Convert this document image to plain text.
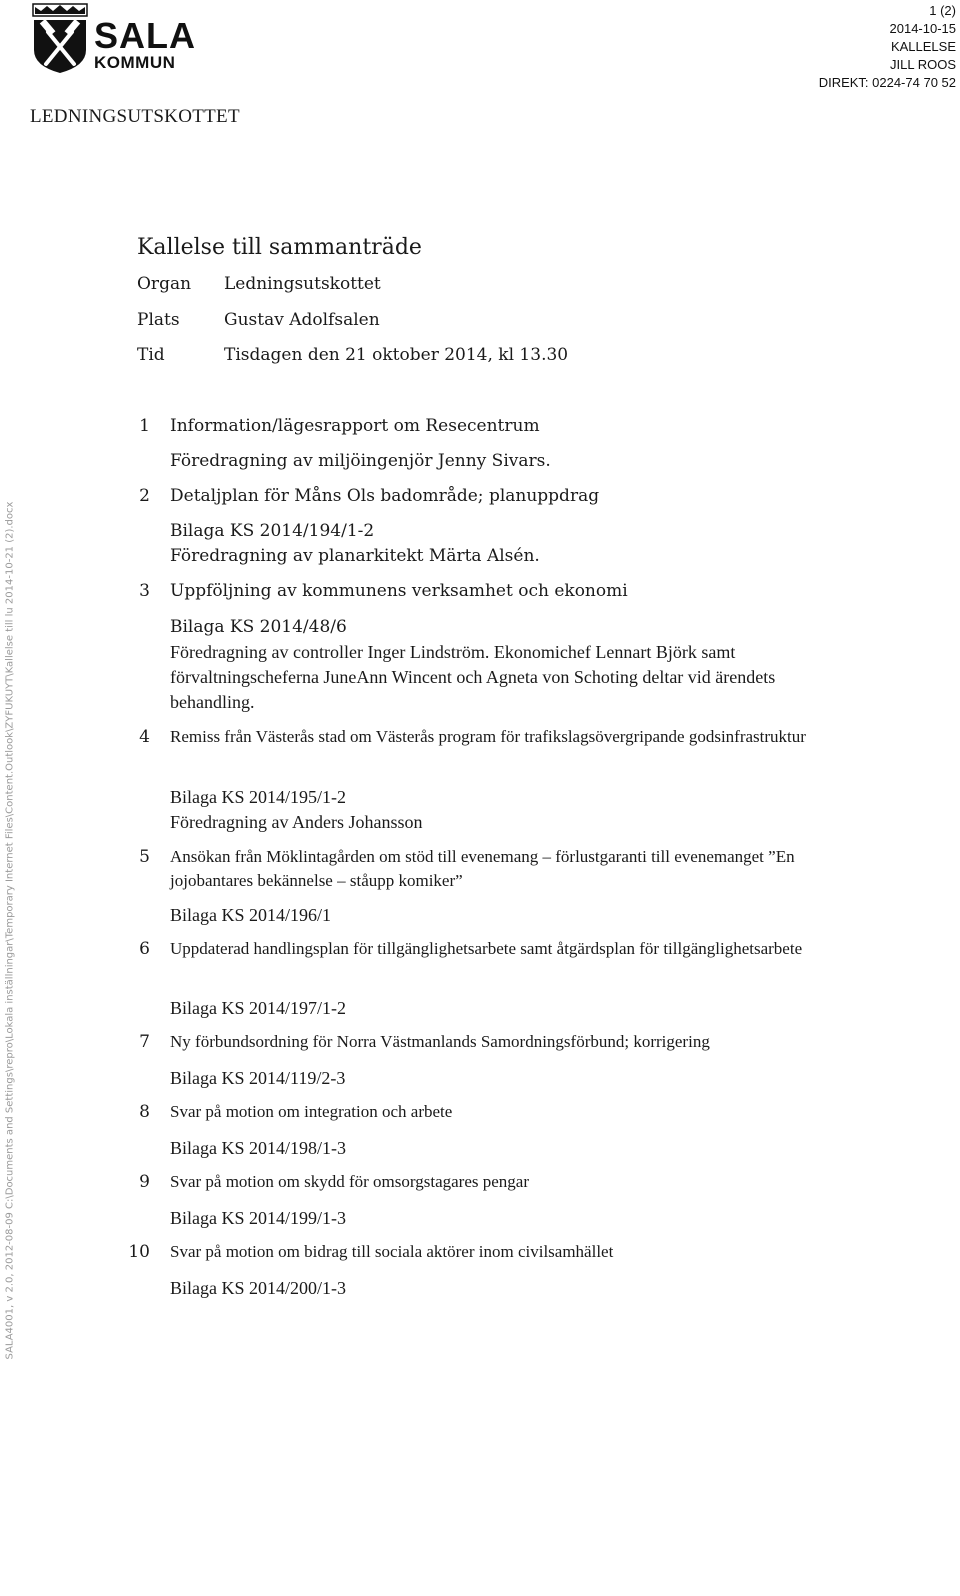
SALA
KOMMUN
1 (2)
2014-10-15
KALLELSE
JILL ROOS
DIREKT: 0224-74 70 52
LEDNINGSUTSKOTTET
SALA4001, v 2.0, 2012-08-09 C:\Documents and Settings\repro\Lokala inställningar\Temporary Internet Files\Content.Outlook\ZYFUKUYT\Kallelse till lu 2014-10-21 (2).docx
Kallelse till sammanträde
Organ Ledningsutskottet
Plats	Gustav Adolfsalen
Tid	Tisdagen den 21 oktober 2014, kl 13.30
1 Information/lägesrapport om Resecentrum
Föredragning av miljöingenjör Jenny Sivars.
2 Detaljplan för Måns Ols badområde; planuppdrag
Bilaga KS 2014/194/1-2
Föredragning av planarkitekt Märta Alsén.
3 Uppföljning av kommunens verksamhet och ekonomi
Bilaga KS 2014/48/6
Föredragning av controller Inger Lindström. Ekonomichef Lennart Björk samt förvaltningscheferna JuneAnn Wincent och Agneta von Schoting deltar vid ärendets behandling.
4 Remiss från Västerås stad om Västerås program för trafikslagsövergripande godsinfrastruktur
Bilaga KS 2014/195/1-2
Föredragning av Anders Johansson
5 Ansökan från Möklintagården om stöd till evenemang – förlustgaranti till evenemanget ”En jojobantares bekännelse – ståupp komiker”
Bilaga KS 2014/196/1
6 Uppdaterad handlingsplan för tillgänglighetsarbete samt åtgärdsplan för tillgänglighetsarbete
Bilaga KS 2014/197/1-2
7 Ny förbundsordning för Norra Västmanlands Samordningsförbund; korrigering
Bilaga KS 2014/119/2-3
8 Svar på motion om integration och arbete
Bilaga KS 2014/198/1-3
9 Svar på motion om skydd för omsorgstagares pengar
Bilaga KS 2014/199/1-3
10 Svar på motion om bidrag till sociala aktörer inom civilsamhället
Bilaga KS 2014/200/1-3
